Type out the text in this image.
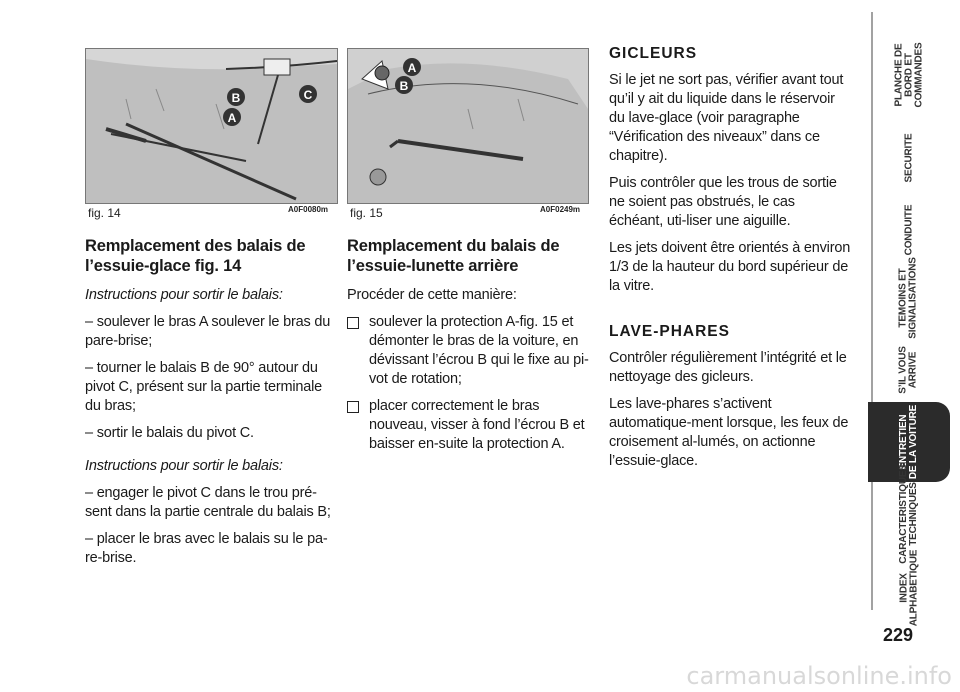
B	C
A
fig. 14	A0F0080m
A
B
fig. 15	A0F0249m
Remplacement des balais de l’essuie-glace fig. 14

Instructions pour sortir le balais:

– soulever le bras A soulever le bras du pare-brise;

– tourner le balais B de 90° autour du pivot C, présent sur la partie terminale du bras;

– sortir le balais du pivot C.

Instructions pour sortir le balais:

– engager le pivot C dans le trou pré-sent dans la partie centrale du balais B;

– placer le bras avec le balais su le pa-re-brise.

Remplacement du balais de l’essuie-lunette arrière

Procéder de cette manière:

soulever la protection A-fig. 15 et démonter le bras de la voiture, en dévissant l’écrou B qui le fixe au pi-vot de rotation;
placer correctement le bras nouveau, visser à fond l’écrou B et baisser en-suite la protection A.
GICLEURS

Si le jet ne sort pas, vérifier avant tout qu’il y ait du liquide dans le réservoir du lave-glace (voir paragraphe “Vérification des niveaux” dans ce chapitre).

Puis contrôler que les trous de sortie ne soient pas obstrués, le cas échéant, uti-liser une aiguille.

Les jets doivent être orientés à environ 1/3 de la hauteur du bord supérieur de la vitre.

LAVE-PHARES

Contrôler régulièrement l’intégrité et le nettoyage des gicleurs.

Les lave-phares s’activent automatique-ment lorsque, les feux de croisement al-lumés, on actionne l’essuie-glace.

PLANCHE DE
BORD ET
COMMANDES
SECURITE
CONDUITE
TEMOINS ET
SIGNALISATIONS
S’IL VOUS
ARRIVE
ENTRETIEN
DE LA VOITURE
CARACTERISTIQUES
TECHNIQUES
INDEX
ALPHABETIQUE
229
carmanualsonline.info
